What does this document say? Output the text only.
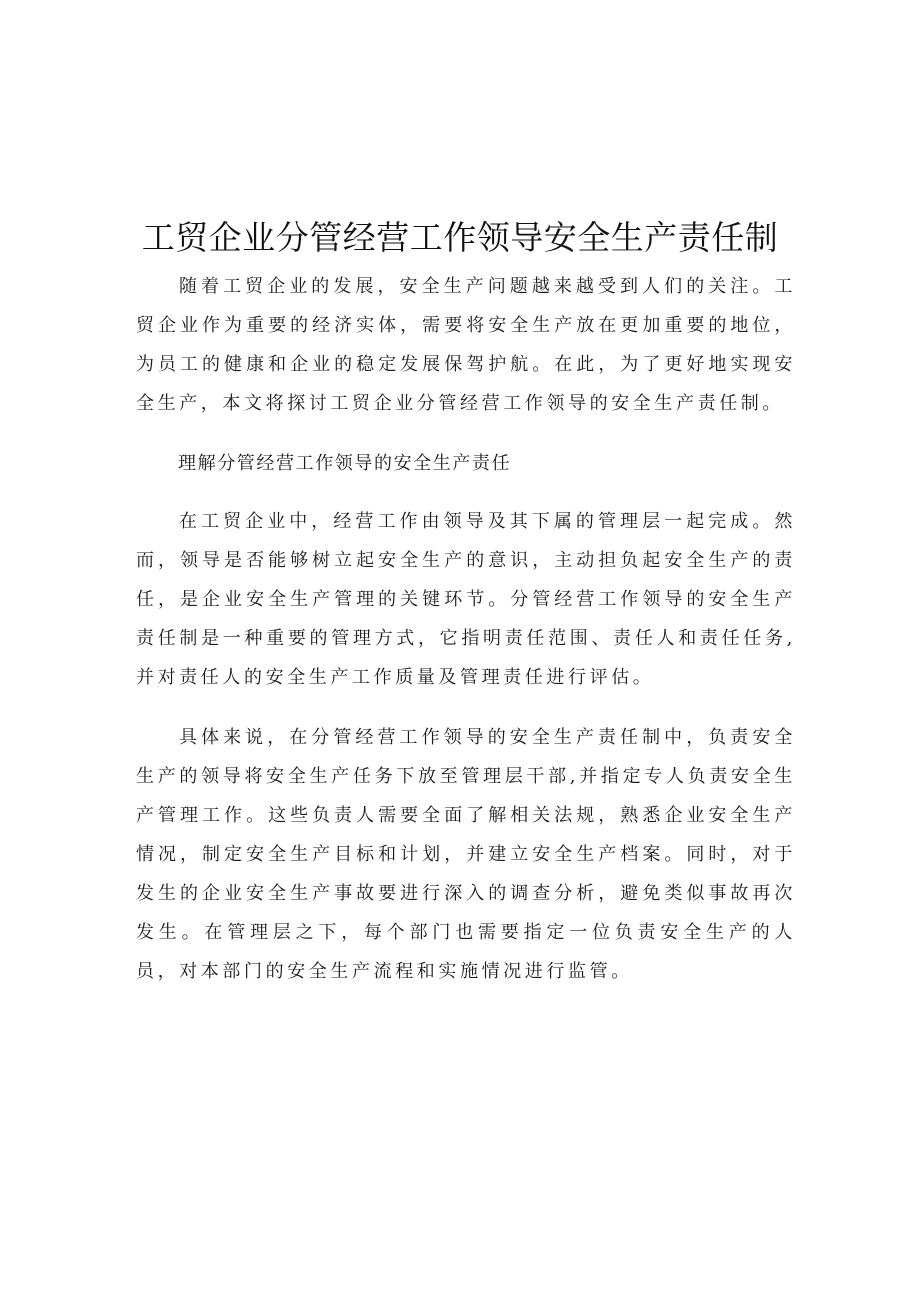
工贸企业分管经营工作领导安全生产责任制

随着工贸企业的发展，安全生产问题越来越受到人们的关注。工贸企业作为重要的经济实体，需要将安全生产放在更加重要的地位，为员工的健康和企业的稳定发展保驾护航。在此，为了更好地实现安全生产，本文将探讨工贸企业分管经营工作领导的安全生产责任制。

理解分管经营工作领导的安全生产责任

在工贸企业中，经营工作由领导及其下属的管理层一起完成。然而，领导是否能够树立起安全生产的意识，主动担负起安全生产的责任，是企业安全生产管理的关键环节。分管经营工作领导的安全生产责任制是一种重要的管理方式，它指明责任范围、责任人和责任任务,并对责任人的安全生产工作质量及管理责任进行评估。

具体来说，在分管经营工作领导的安全生产责任制中，负责安全生产的领导将安全生产任务下放至管理层干部,并指定专人负责安全生产管理工作。这些负责人需要全面了解相关法规，熟悉企业安全生产情况，制定安全生产目标和计划，并建立安全生产档案。同时，对于发生的企业安全生产事故要进行深入的调查分析，避免类似事故再次发生。在管理层之下，每个部门也需要指定一位负责安全生产的人员，对本部门的安全生产流程和实施情况进行监管。
